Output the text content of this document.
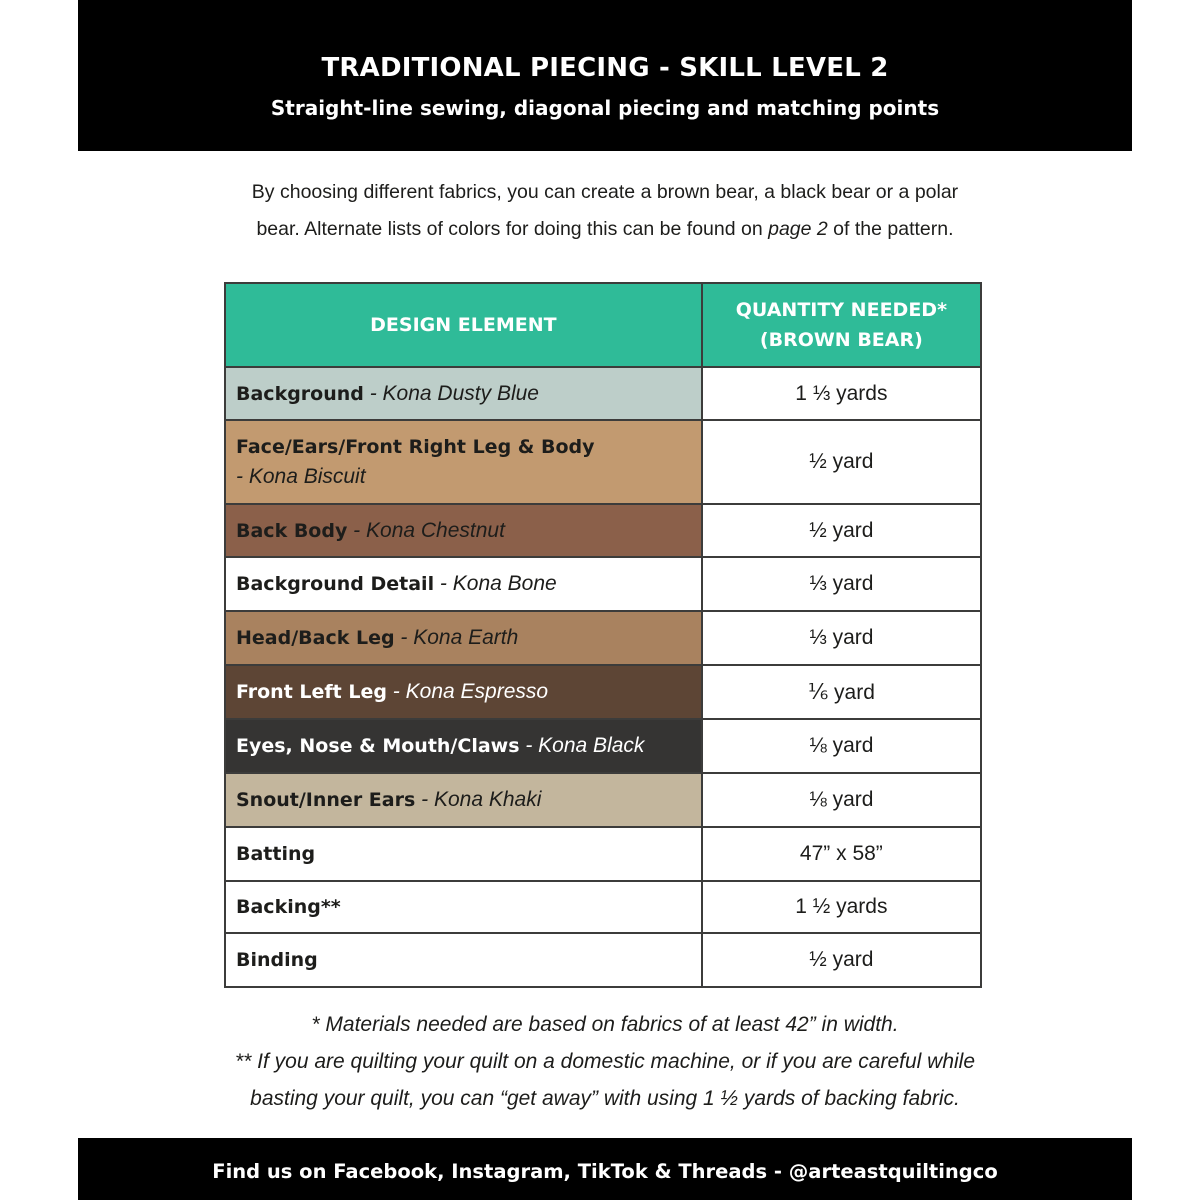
TRADITIONAL PIECING - SKILL LEVEL 2
Straight-line sewing, diagonal piecing and matching points
By choosing different fabrics, you can create a brown bear, a black bear or a polar
bear. Alternate lists of colors for doing this can be found on page 2 of the pattern.
DESIGN ELEMENT	QUANTITY NEEDED*
(BROWN BEAR)

Background - Kona Dusty Blue	1 ⅓ yards
Face/Ears/Front Right Leg & Body
- Kona Biscuit	½ yard
Back Body - Kona Chestnut	½ yard
Background Detail - Kona Bone	⅓ yard
Head/Back Leg - Kona Earth	⅓ yard
Front Left Leg - Kona Espresso	⅙ yard
Eyes, Nose & Mouth/Claws - Kona Black	⅛ yard
Snout/Inner Ears - Kona Khaki	⅛ yard
Batting	47” x 58”
Backing**	1 ½ yards
Binding	½ yard
* Materials needed are based on fabrics of at least 42” in width.
** If you are quilting your quilt on a domestic machine, or if you are careful while
basting your quilt, you can “get away” with using 1 ½ yards of backing fabric.
Find us on Facebook, Instagram, TikTok & Threads - @arteastquiltingco
